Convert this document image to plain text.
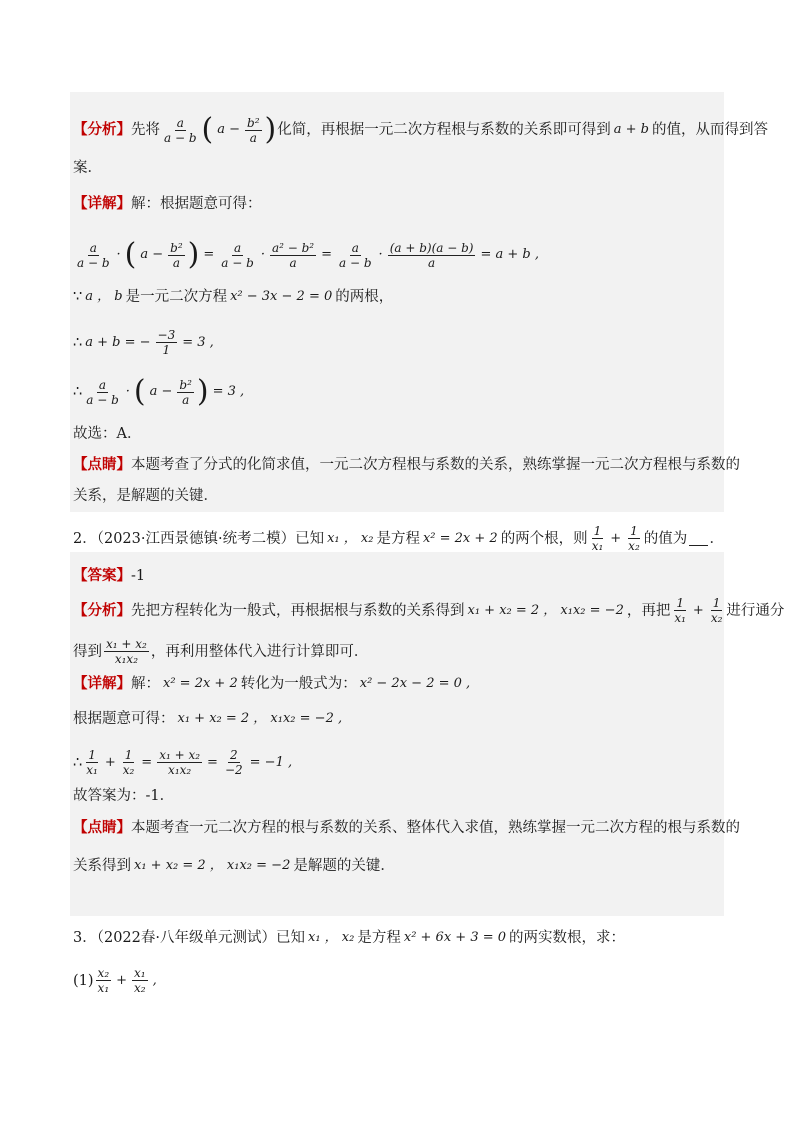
【分析】 先将 $\frac{a}{a - b}$ ( $a - \frac{\text{b²}}{a}$ ) 化简，再根据一元二次方程根与系数的关系即可得到 a + b 的值，从而得到答
案．
【详解】 解：根据题意可得：
$\frac{a}{a - b}$ · ( $a - \frac{\text{b²}}{a}$ ) = $\frac{a}{a - b} \cdot \frac{\text{a² − b²}}{a} = \frac{a}{a - b} \cdot \frac{(a + b)(a - b)}{a} = a + b$ ,
∵ a ， b 是一元二次方程 x² − 3x − 2 = 0 的两根，
∴ a + b = − $\frac{-3}{1} = 3$ ,
∴ $\frac{a}{a - b}$ · ( $a - \frac{\text{b²}}{a}$ ) = 3 ,
故选：A．
【点睛】 本题考查了分式的化简求值，一元二次方程根与系数的关系，熟练掌握一元二次方程根与系数的
关系，是解题的关键．
2．（2023·江西景德镇·统考二模）已知 x₁ ， x₂ 是方程 x² = 2x + 2 的两个根，则 $\frac{1}{\text{x₁}} + \frac{1}{\text{x₂}}$ 的值为 ．
【答案】 -1
【分析】 先把方程转化为一般式，再根据根与系数的关系得到 x₁ + x₂ = 2 ， x₁x₂ = −2 ，再把 $\frac{1}{\text{x₁}} + \frac{1}{\text{x₂}}$ 进行通分
得到 $\frac{\text{x₁ + x₂}}{\text{x₁x₂}}$ ，再利用整体代入进行计算即可．
【详解】 解： x² = 2x + 2 转化为一般式为： x² − 2x − 2 = 0 ,
根据题意可得： x₁ + x₂ = 2 ， x₁x₂ = −2 ,
∴ $\frac{1}{\text{x₁}} + \frac{1}{\text{x₂}} = \frac{\text{x₁ + x₂}}{\text{x₁x₂}} = \frac{2}{-2} = -1$ ,
故答案为：-1．
【点睛】 本题考查一元二次方程的根与系数的关系、整体代入求值，熟练掌握一元二次方程的根与系数的
关系得到 x₁ + x₂ = 2 ， x₁x₂ = −2 是解题的关键．
3．（2022春·八年级单元测试）已知 x₁ ， x₂ 是方程 x² + 6x + 3 = 0 的两实数根，求：
$(1) \frac{\text{x₂}}{\text{x₁}} + \frac{\text{x₁}}{\text{x₂}}$ ,
